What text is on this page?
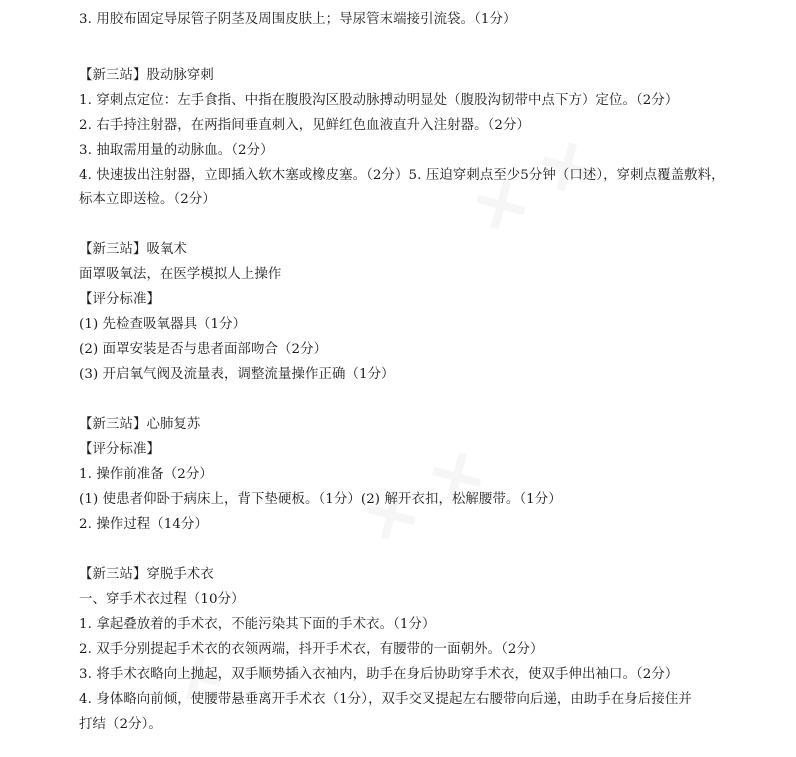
3. 用胶布固定导尿管子阴茎及周围皮肤上；导尿管末端接引流袋。（1分）
【新三站】股动脉穿刺
1. 穿刺点定位：左手食指、中指在腹股沟区股动脉搏动明显处（腹股沟韧带中点下方）定位。（2分）
2. 右手持注射器，在两指间垂直刺入，见鲜红色血液直升入注射器。（2分）
3. 抽取需用量的动脉血。（2分）
4. 快速拔出注射器，立即插入软木塞或橡皮塞。（2分）5. 压迫穿刺点至少5分钟（口述），穿刺点覆盖敷料，
标本立即送检。（2分）
【新三站】吸氧术
面罩吸氧法，在医学模拟人上操作
【评分标准】
(1) 先检查吸氧器具（1分）
(2) 面罩安装是否与患者面部吻合（2分）
(3) 开启氧气阀及流量表，调整流量操作正确（1分）
【新三站】心肺复苏
【评分标准】
1. 操作前准备（2分）
(1) 使患者仰卧于病床上，背下垫硬板。（1分）(2) 解开衣扣，松解腰带。（1分）
2. 操作过程（14分）
【新三站】穿脱手术衣
一、穿手术衣过程（10分）
1. 拿起叠放着的手术衣，不能污染其下面的手术衣。（1分）
2. 双手分别提起手术衣的衣领两端，抖开手术衣，有腰带的一面朝外。（2分）
3. 将手术衣略向上抛起，双手顺势插入衣袖内，助手在身后协助穿手术衣，使双手伸出袖口。（2分）
4. 身体略向前倾，使腰带悬垂离开手术衣（1分），双手交叉提起左右腰带向后递，由助手在身后接住并
打结（2分）。
